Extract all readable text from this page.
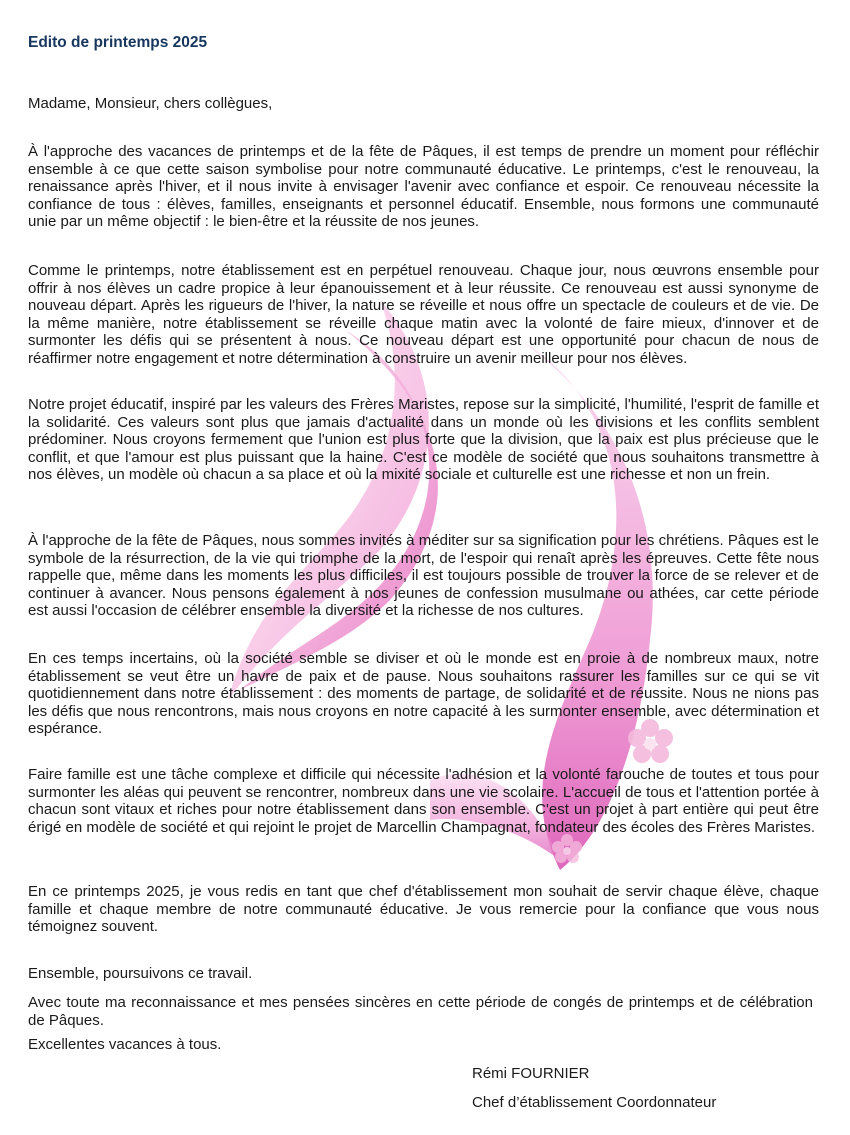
Edito de printemps 2025
Madame, Monsieur, chers collègues,

À l'approche des vacances de printemps et de la fête de Pâques, il est temps de prendre un moment pour réfléchir ensemble à ce que cette saison symbolise pour notre communauté éducative. Le printemps, c'est le renouveau, la renaissance après l'hiver, et il nous invite à envisager l'avenir avec confiance et espoir. Ce renouveau nécessite la confiance de tous : élèves, familles, enseignants et personnel éducatif. Ensemble, nous formons une communauté unie par un même objectif : le bien-être et la réussite de nos jeunes.

Comme le printemps, notre établissement est en perpétuel renouveau. Chaque jour, nous œuvrons ensemble pour offrir à nos élèves un cadre propice à leur épanouissement et à leur réussite. Ce renouveau est aussi synonyme de nouveau départ. Après les rigueurs de l'hiver, la nature se réveille et nous offre un spectacle de couleurs et de vie. De la même manière, notre établissement se réveille chaque matin avec la volonté de faire mieux, d'innover et de surmonter les défis qui se présentent à nous. Ce nouveau départ est une opportunité pour chacun de nous de réaffirmer notre engagement et notre détermination à construire un avenir meilleur pour nos élèves.

Notre projet éducatif, inspiré par les valeurs des Frères Maristes, repose sur la simplicité, l'humilité, l'esprit de famille et la solidarité. Ces valeurs sont plus que jamais d'actualité dans un monde où les divisions et les conflits semblent prédominer. Nous croyons fermement que l'union est plus forte que la division, que la paix est plus précieuse que le conflit, et que l'amour est plus puissant que la haine. C'est ce modèle de société que nous souhaitons transmettre à nos élèves, un modèle où chacun a sa place et où la mixité sociale et culturelle est une richesse et non un frein.

À l'approche de la fête de Pâques, nous sommes invités à méditer sur sa signification pour les chrétiens. Pâques est le symbole de la résurrection, de la vie qui triomphe de la mort, de l'espoir qui renaît après les épreuves. Cette fête nous rappelle que, même dans les moments les plus difficiles, il est toujours possible de trouver la force de se relever et de continuer à avancer. Nous pensons également à nos jeunes de confession musulmane ou athées, car cette période est aussi l'occasion de célébrer ensemble la diversité et la richesse de nos cultures.

En ces temps incertains, où la société semble se diviser et où le monde est en proie à de nombreux maux, notre établissement se veut être un havre de paix et de pause. Nous souhaitons rassurer les familles sur ce qui se vit quotidiennement dans notre établissement : des moments de partage, de solidarité et de réussite. Nous ne nions pas les défis que nous rencontrons, mais nous croyons en notre capacité à les surmonter ensemble, avec détermination et espérance.

Faire famille est une tâche complexe et difficile qui nécessite l'adhésion et la volonté farouche de toutes et tous pour surmonter les aléas qui peuvent se rencontrer, nombreux dans une vie scolaire. L'accueil de tous et l'attention portée à chacun sont vitaux et riches pour notre établissement dans son ensemble. C'est un projet à part entière qui peut être érigé en modèle de société et qui rejoint le projet de Marcellin Champagnat, fondateur des écoles des Frères Maristes.

En ce printemps 2025, je vous redis en tant que chef d'établissement mon souhait de servir chaque élève, chaque famille et chaque membre de notre communauté éducative. Je vous remercie pour la confiance que vous nous témoignez souvent.

Ensemble, poursuivons ce travail.

Avec toute ma reconnaissance et mes pensées sincères en cette période de congés de printemps et de célébration de Pâques.

Excellentes vacances à tous.

Rémi FOURNIER
Chef d’établissement Coordonnateur
